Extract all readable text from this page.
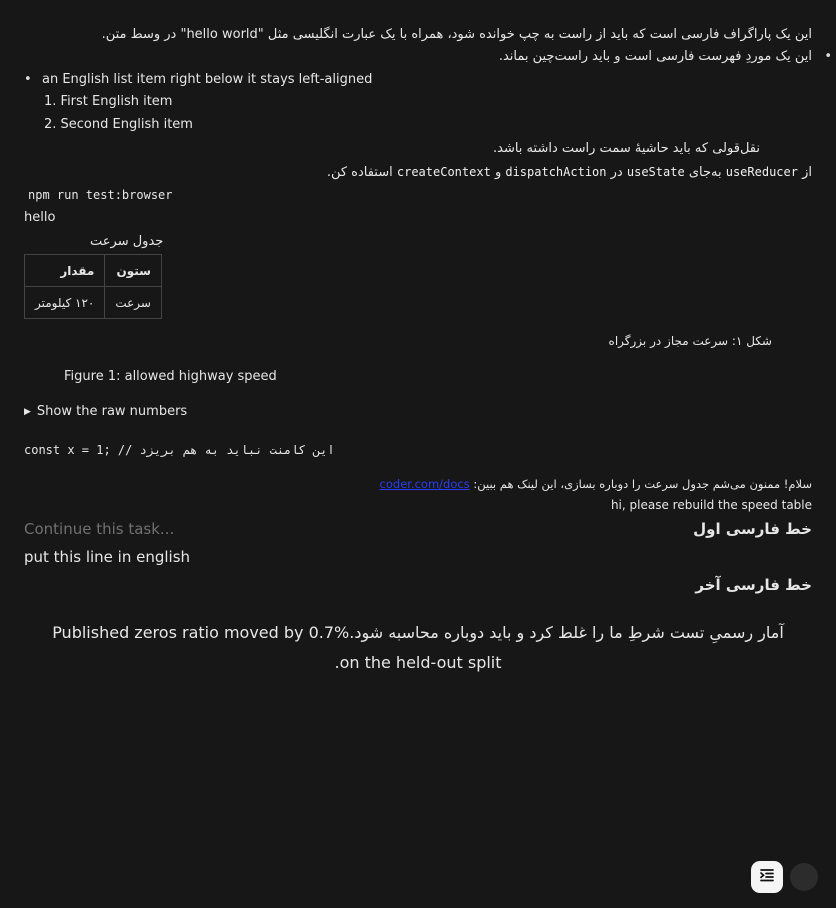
این یک پاراگراف فارسی است که باید از راست به چپ خوانده شود، همراه با یک عبارت انگلیسی مثل "hello world" در وسط متن.
این یک موردِ فهرست فارسی است و باید راست‌چین بماند. •
• an English list item right below it stays left-aligned
1. First English item
2. Second English item
نقل‌قولی که باید حاشیهٔ سمت راست داشته باشد.
از useReducer به‌جای useState در dispatchAction و createContext استفاده کن.
npm run test:browser
hello
جدول سرعت
ستون	مقدار
سرعت	۱۲۰ کیلومتر
شکل ۱: سرعت مجاز در بزرگراه
Figure 1: allowed highway speed
▶ Show the raw numbers
const x = 1; // این کامنت نباید به هم بریزد
سلام! ممنون می‌شم جدول سرعت را دوباره بسازی، این لینک هم ببین: coder.com/docs
hi, please rebuild the speed table
Continue this task...	خط فارسی اول
put this line in english
خط فارسی آخر
آمار رسمیِ تست شرطِ ما را غلط کرد و باید دوباره محاسبه شود.Published zeros ratio moved by 0.7% on the held-out split.
